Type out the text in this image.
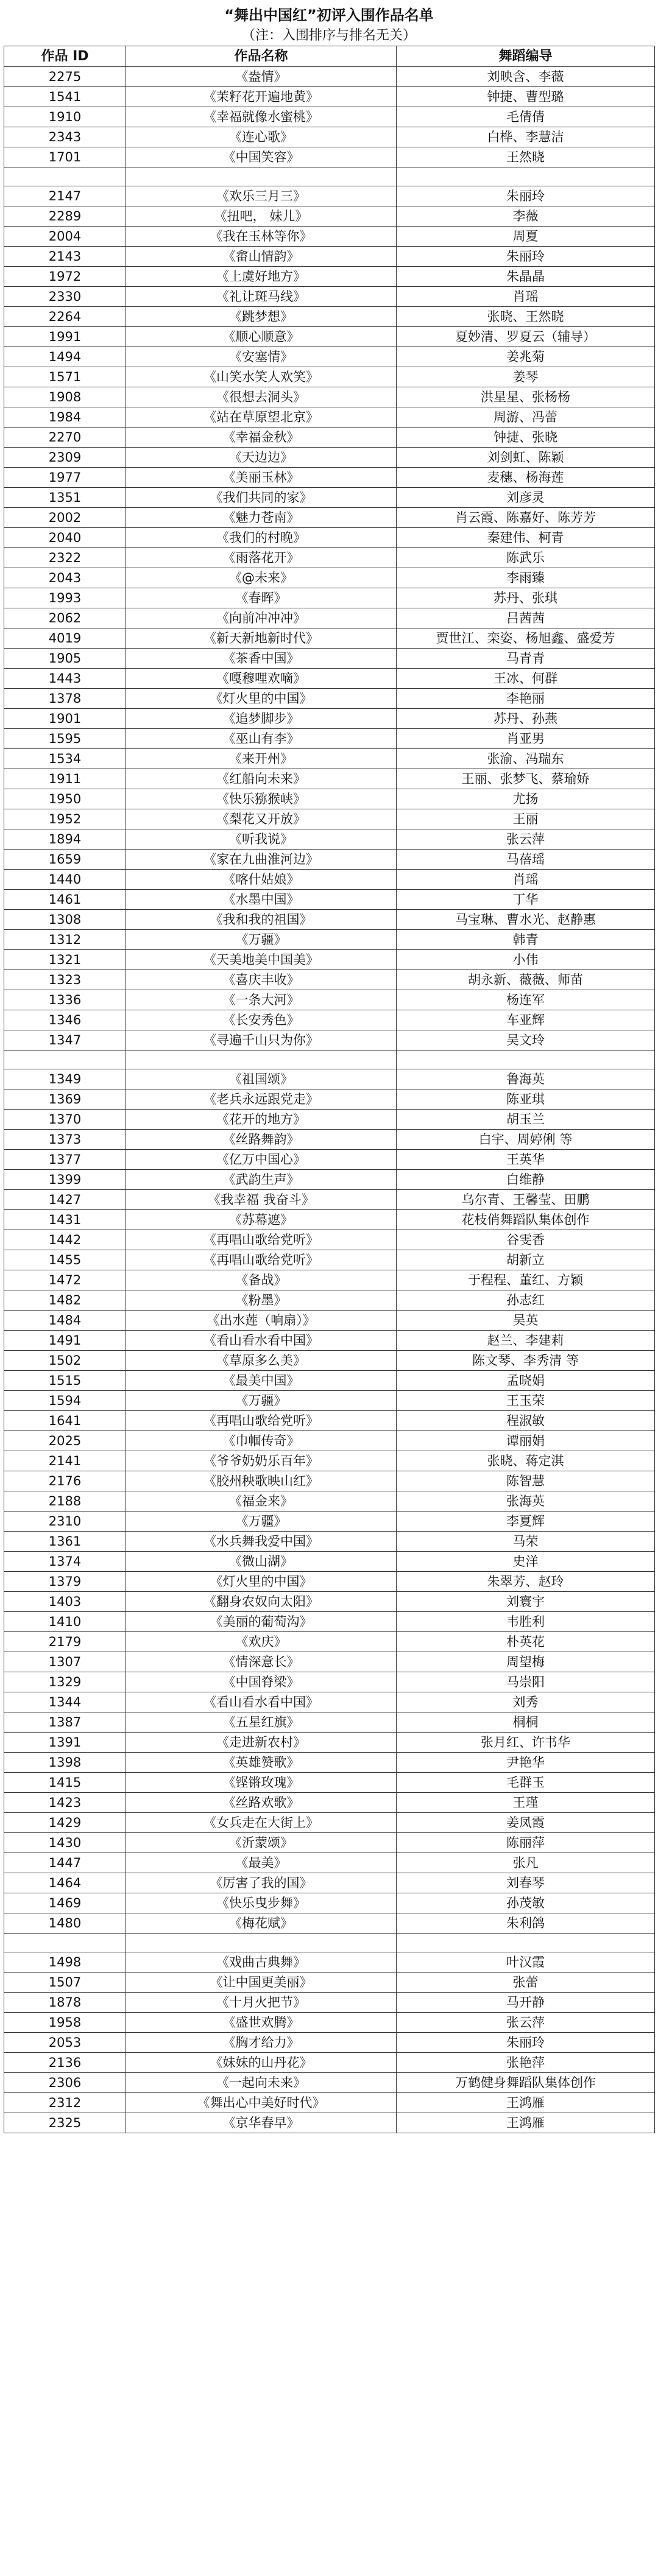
“舞出中国红”初评入围作品名单
（注：入围排序与排名无关）
作品 ID	作品名称	舞蹈编导
2275	《盎情》	刘映含、李薇
1541	《茉籽花开遍地黄》	钟捷、曹型璐
1910	《幸福就像水蜜桃》	毛倩倩
2343	《连心歌》	白桦、李慧洁
1701	《中国笑容》	王然晓

2147	《欢乐三月三》	朱丽玲
2289	《扭吧， 妹儿》	李薇
2004	《我在玉林等你》	周夏
2143	《畲山情韵》	朱丽玲
1972	《上虞好地方》	朱晶晶
2330	《礼让斑马线》	肖瑶
2264	《跳梦想》	张晓、王然晓
1991	《顺心顺意》	夏妙清、罗夏云（辅导）
1494	《安塞情》	姜兆菊
1571	《山笑水笑人欢笑》	姜琴
1908	《很想去洞头》	洪星星、张杨杨
1984	《站在草原望北京》	周游、冯蕾
2270	《幸福金秋》	钟捷、张晓
2309	《天边边》	刘剑虹、陈颖
1977	《美丽玉林》	麦穗、杨海莲
1351	《我们共同的家》	刘彦灵
2002	《魅力苍南》	肖云霞、陈嘉好、陈芳芳
2040	《我们的村晚》	秦建伟、柯青
2322	《雨落花开》	陈武乐
2043	《@未来》	李雨臻
1993	《春晖》	苏丹、张琪
2062	《向前冲冲冲》	吕茜茜
4019	《新天新地新时代》	贾世江、栾姿、杨旭鑫、盛爱芳
1905	《茶香中国》	马青青
1443	《嘎穆哩欢嘀》	王冰、何群
1378	《灯火里的中国》	李艳丽
1901	《追梦脚步》	苏丹、孙燕
1595	《巫山有李》	肖亚男
1534	《来开州》	张渝、冯瑞东
1911	《红船向未来》	王丽、张梦飞、蔡瑜娇
1950	《快乐猕猴峡》	尤扬
1952	《梨花又开放》	王丽
1894	《听我说》	张云萍
1659	《家在九曲淮河边》	马蓓瑶
1440	《喀什姑娘》	肖瑶
1461	《水墨中国》	丁华
1308	《我和我的祖国》	马宝琳、曹水光、赵静惠
1312	《万疆》	韩青
1321	《天美地美中国美》	小伟
1323	《喜庆丰收》	胡永新、薇薇、师苗
1336	《一条大河》	杨连军
1346	《长安秀色》	车亚辉
1347	《寻遍千山只为你》	吴文玲

1349	《祖国颂》	鲁海英
1369	《老兵永远跟党走》	陈亚琪
1370	《花开的地方》	胡玉兰
1373	《丝路舞韵》	白宇、周婷俐 等
1377	《亿万中国心》	王英华
1399	《武韵生声》	白维静
1427	《我幸福 我奋斗》	乌尔青、王馨莹、田鹏
1431	《苏幕遮》	花枝俏舞蹈队集体创作
1442	《再唱山歌给党听》	谷雯香
1455	《再唱山歌给党听》	胡新立
1472	《备战》	于程程、董红、方颖
1482	《粉墨》	孙志红
1484	《出水莲（响扇）》	吴英
1491	《看山看水看中国》	赵兰、李建莉
1502	《草原多么美》	陈文琴、李秀清 等
1515	《最美中国》	孟晓娟
1594	《万疆》	王玉荣
1641	《再唱山歌给党听》	程淑敏
2025	《巾帼传奇》	谭丽娟
2141	《爷爷奶奶乐百年》	张晓、蒋定淇
2176	《胶州秧歌映山红》	陈智慧
2188	《福金来》	张海英
2310	《万疆》	李夏辉
1361	《水兵舞我爱中国》	马荣
1374	《微山湖》	史洋
1379	《灯火里的中国》	朱翠芳、赵玲
1403	《翻身农奴向太阳》	刘寰宇
1410	《美丽的葡萄沟》	韦胜利
2179	《欢庆》	朴英花
1307	《情深意长》	周望梅
1329	《中国脊梁》	马崇阳
1344	《看山看水看中国》	刘秀
1387	《五星红旗》	桐桐
1391	《走进新农村》	张月红、许书华
1398	《英雄赞歌》	尹艳华
1415	《铿锵玫瑰》	毛群玉
1423	《丝路欢歌》	王瑾
1429	《女兵走在大街上》	姜凤霞
1430	《沂蒙颂》	陈丽萍
1447	《最美》	张凡
1464	《厉害了我的国》	刘春琴
1469	《快乐曳步舞》	孙茂敏
1480	《梅花赋》	朱利鸽

1498	《戏曲古典舞》	叶汉霞
1507	《让中国更美丽》	张蕾
1878	《十月火把节》	马开静
1958	《盛世欢腾》	张云萍
2053	《胸才给力》	朱丽玲
2136	《妹妹的山丹花》	张艳萍
2306	《一起向未来》	万鹤健身舞蹈队集体创作
2312	《舞出心中美好时代》	王鸿雁
2325	《京华春早》	王鸿雁
